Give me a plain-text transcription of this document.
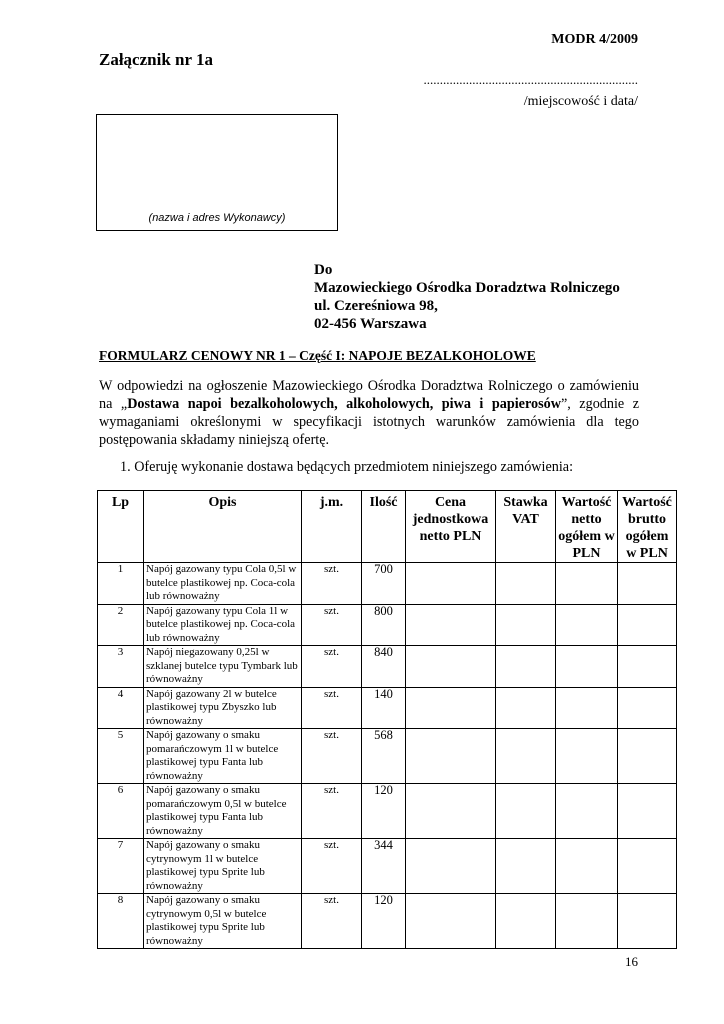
MODR 4/2009
Załącznik nr 1a
..................................................................
/miejscowość i data/
(nazwa i adres Wykonawcy)
Do
Mazowieckiego Ośrodka Doradztwa Rolniczego
ul. Czereśniowa 98,
02-456 Warszawa
FORMULARZ CENOWY NR 1 – Część I: NAPOJE BEZALKOHOLOWE
W odpowiedzi na ogłoszenie Mazowieckiego Ośrodka Doradztwa Rolniczego o zamówieniu na „Dostawa napoi bezalkoholowych, alkoholowych, piwa i papierosów”, zgodnie z wymaganiami określonymi w specyfikacji istotnych warunków zamówienia dla tego postępowania składamy niniejszą ofertę.
1. Oferuję wykonanie dostawa będących przedmiotem niniejszego zamówienia:
Lp	Opis	j.m.	Ilość	Cena jednostkowa netto PLN	Stawka VAT	Wartość netto ogółem w PLN	Wartość brutto ogółem w PLN
1	Napój gazowany typu Cola 0,5l w butelce plastikowej np. Coca-cola lub równoważny	szt.	700				
2	Napój gazowany typu Cola 1l w butelce plastikowej np. Coca-cola lub równoważny	szt.	800				
3	Napój niegazowany 0,25l w szklanej butelce typu Tymbark lub równoważny	szt.	840				
4	Napój gazowany 2l w butelce plastikowej typu Zbyszko lub równoważny	szt.	140				
5	Napój gazowany o smaku pomarańczowym 1l w butelce plastikowej typu Fanta lub równoważny	szt.	568				
6	Napój gazowany o smaku pomarańczowym 0,5l w butelce plastikowej typu Fanta lub równoważny	szt.	120				
7	Napój gazowany o smaku cytrynowym 1l w butelce plastikowej typu Sprite lub równoważny	szt.	344				
8	Napój gazowany o smaku cytrynowym 0,5l w butelce plastikowej typu Sprite lub równoważny	szt.	120				
16
